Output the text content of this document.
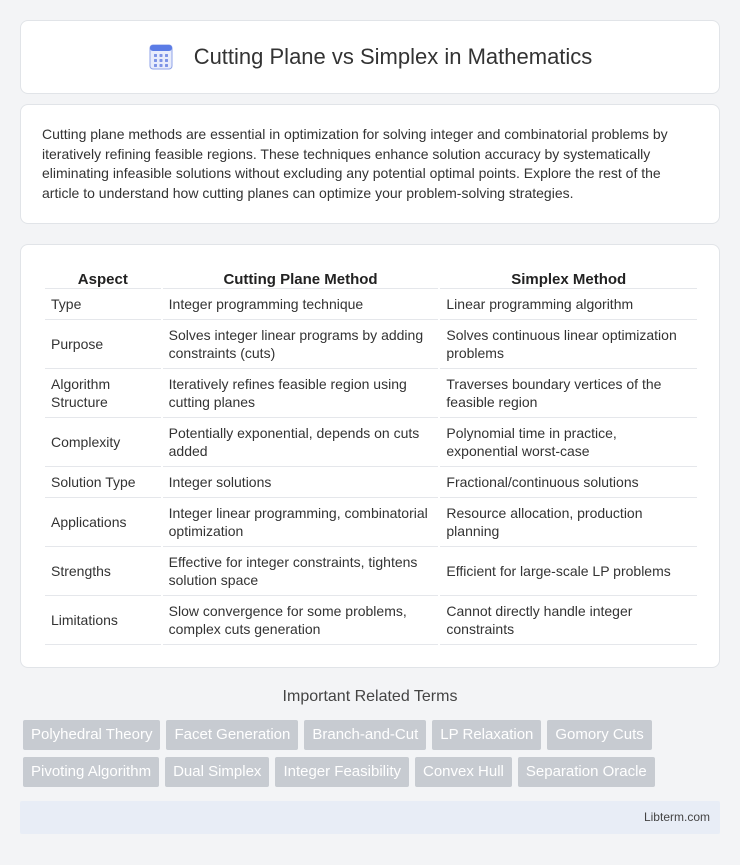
Cutting Plane vs Simplex in Mathematics

Cutting plane methods are essential in optimization for solving integer and combinatorial problems by iteratively refining feasible regions. These techniques enhance solution accuracy by systematically eliminating infeasible solutions without excluding any potential optimal points. Explore the rest of the article to understand how cutting planes can optimize your problem-solving strategies.

Aspect	Cutting Plane Method	Simplex Method
Type	Integer programming technique	Linear programming algorithm
Purpose	Solves integer linear programs by adding constraints (cuts)	Solves continuous linear optimization problems
Algorithm Structure	Iteratively refines feasible region using cutting planes	Traverses boundary vertices of the feasible region
Complexity	Potentially exponential, depends on cuts added	Polynomial time in practice, exponential worst-case
Solution Type	Integer solutions	Fractional/continuous solutions
Applications	Integer linear programming, combinatorial optimization	Resource allocation, production planning
Strengths	Effective for integer constraints, tightens solution space	Efficient for large-scale LP problems
Limitations	Slow convergence for some problems, complex cuts generation	Cannot directly handle integer constraints
Important Related Terms
Polyhedral Theory	Facet Generation	Branch-and-Cut	LP Relaxation	Gomory Cuts
Pivoting Algorithm	Dual Simplex	Integer Feasibility	Convex Hull	Separation Oracle
Libterm.com
